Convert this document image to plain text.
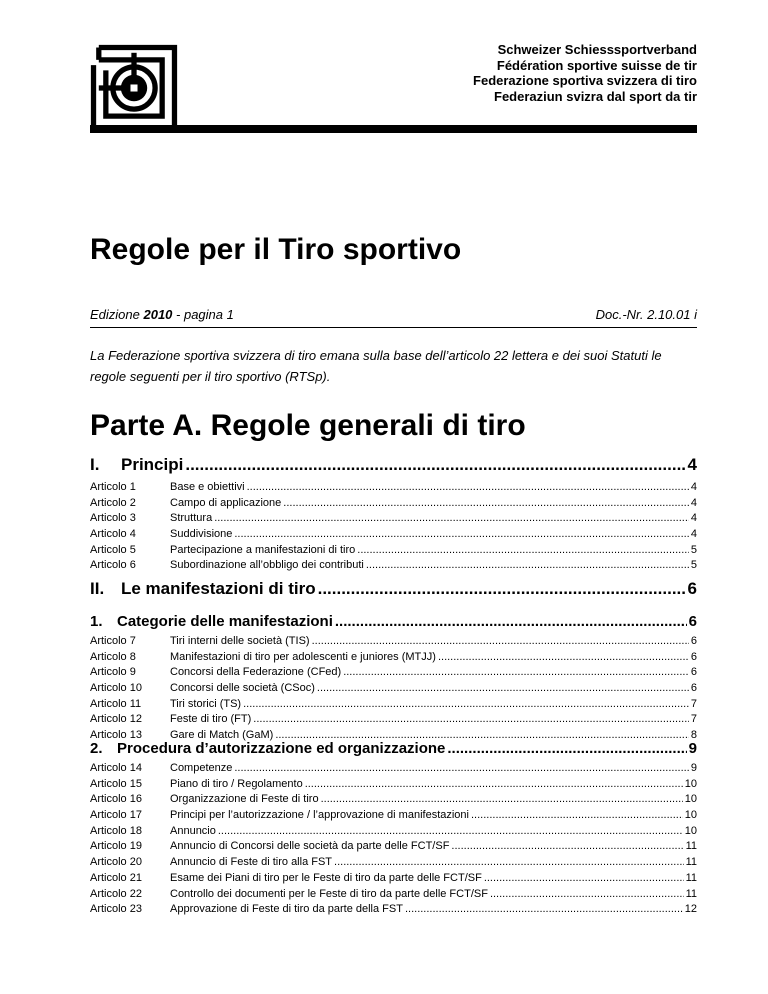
Schweizer Schiesssportverband
Fédération sportive suisse de tir
Federazione sportiva svizzera di tiro
Federaziun svizra dal sport da tir
Regole per il Tiro sportivo
Edizione 2010 - pagina 1	Doc.-Nr. 2.10.01 i
La Federazione sportiva svizzera di tiro emana sulla base dell’articolo 22 lettera e dei suoi Statuti le regole seguenti per il tiro sportivo (RTSp).
Parte A. Regole generali di tiro
I.	Principi .....	4
Articolo 1	Base e obiettivi .....	4
Articolo 2	Campo di applicazione .....	4
Articolo 3	Struttura .....	4
Articolo 4	Suddivisione .....	4
Articolo 5	Partecipazione a manifestazioni di tiro .....	5
Articolo 6	Subordinazione all’obbligo dei contributi .....	5
II. Le manifestazioni di tiro .....	6
1. Categorie delle manifestazioni .....	6
Articolo 7	Tiri interni delle società (TIS) .....	6
Articolo 8	Manifestazioni di tiro per adolescenti e juniores (MTJJ) .....	6
Articolo 9	Concorsi della Federazione (CFed) .....	6
Articolo 10	Concorsi delle società (CSoc) .....	6
Articolo 11	Tiri storici (TS) .....	7
Articolo 12	Feste di tiro (FT) .....	7
Articolo 13	Gare di Match (GaM) .....	8
2. Procedura d’autorizzazione ed organizzazione .....	9
Articolo 14	Competenze .....	9
Articolo 15	Piano di tiro / Regolamento .....	10
Articolo 16	Organizzazione di Feste di tiro .....	10
Articolo 17	Principi per l’autorizzazione / l’approvazione di manifestazioni .....	10
Articolo 18	Annuncio .....	10
Articolo 19	Annuncio di Concorsi delle società da parte delle FCT/SF .....	11
Articolo 20	Annuncio di Feste di tiro alla FST .....	11
Articolo 21	Esame dei Piani di tiro per le Feste di tiro da parte delle FCT/SF .....	11
Articolo 22	Controllo dei documenti per le Feste di tiro da parte delle FCT/SF .....	11
Articolo 23	Approvazione di Feste di tiro da parte della FST .....	12
